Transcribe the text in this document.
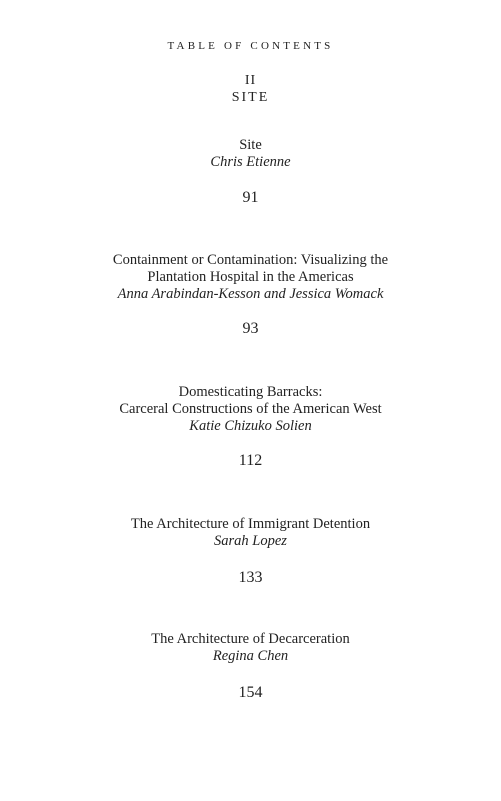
TABLE OF CONTENTS
II
SITE
Site
Chris Etienne
91
Containment or Contamination: Visualizing the
Plantation Hospital in the Americas
Anna Arabindan-Kesson and Jessica Womack
93
Domesticating Barracks:
Carceral Constructions of the American West
Katie Chizuko Solien
112
The Architecture of Immigrant Detention
Sarah Lopez
133
The Architecture of Decarceration
Regina Chen
154
